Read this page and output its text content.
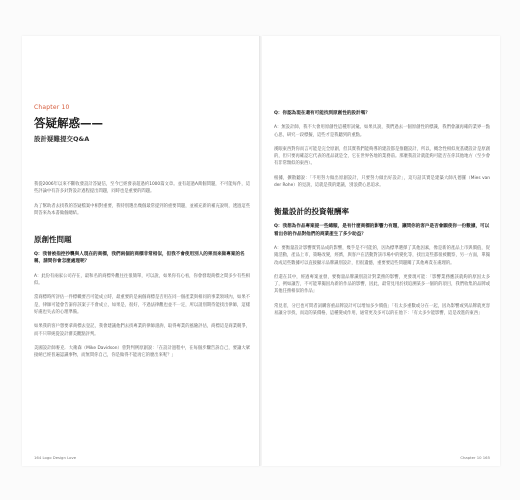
Chapter 10
答疑解惑——
設計疑難提交Q&A

我從2006年以來不斷收發設計答疑信，至今已經發表超過約1000篇文章。並有超過A萬個問題，不可能每件，這些評論中有許多針對設計過程提出問題，同時也是重要的問題。

為了幫助者去找我的答疑檔案中相對重要，我特別選出幾個最常提到的重要問題，並補充新的補充說明，透過這些問答來為本書做個總結。

原創性問題

Q：我曾被指控抄襲與人現在的商標，我們兩個的商標非常相似，但我不會使用別人的果而來做專案的名稱，請問你會怎麼處理呢？

A：此份有兩家公司存在，最和名的商標外觀往往很簡單，可以說，如果你有心看，你會發現商標之間多少有些相似。

當商標時所評估一件標幟要否可能成立時，最重要的是兩個商標是否用在同一個產業與相同的事業領域內，如果不是，律師可能會告訴你該案子不會成立，如果是，很好，不過法律觀也並不一定，所以請別期待能找出律師，這樣好處也失去的心理準備。

如果我的客戶想要拿商標去登記，我會建議他們去找專業的律師諮詢，取得專業的風險評估，商標這是商業競爭，而不只單純從設計審美觀點評判。

美國設計師麥克．大衛森（Mike Davidson）曾對判例原創說：「在設計過程中，在每個步驟告訴自己，要讓大眾接納已經普遍認識事物，而無問你自己，你是做得不能再它的麼出來呢？」

164 Logo Design Love

Q：你認為現在還有可能找到原創性的設計嗎？

A：無設計師，我不大會用原創性這種形詞彙。如果具說，我們過去一個原創性的標識，我們會讓再確的業界一點心思，研究一段標擬，這些才是我聽到的重點。

漢眼東西對你而言可能是完全原創，但其實我們能夠導的建設都是推翻設計，所以，概念性相似度基礎設計是原創的，但只要再確認它代表的產品就是全，它在世界各地的業務前。那麼我設計就能夠可能否在你其他地方（至少會有非常類似的東西）。

根據，擴散聽說：「不用努力做出原創設計，只要努力做出好設計」，這句話其實是建築大師凡德羅（Mies van der Rohe）的見說，這就是我的建議，別浪費心思追求。

衡量設計的投資報酬率

Q：我想為作品專案提一些總額，是有什麼商標的影響力有題，讓問你的客戶是否會願使你一份數據，可以看出你的作品對他們的商業產生了多少助益？

A：要衡量設計影響實質品成的影響，幾乎是不可能的，因為標準選擇了其他因素，像是新的產品上市與價值，促銷活動，產品上市，策略改變，經濟，與客戶在活動對該市場中的變化等，找出這些都很被觀察，另一方面，單獨改成這些數據可以直接顯示品牌識別設計，但很遺憾，重要要這些問題關了其他專責在處理的。

但還在其中，經過專案並發，要衡量品牌識別設計對業務的影響，更發現可能：「影響業務應該就夠的原因太多了，例如讓告，不可能單獨因為新的作品的影響，因此，最常見用於找追溯某多一個的的項目，我們收集的品牌或其他任務相似的作品」

常見者，分巴也可問者詞購客重品牌設計可以增加多少價值」「有太多重數或分在一起，因為影響或到品牌就更容易讓分享找，而這的某價格，這種變成作用，通常更及多可以的在他下：「有太多少能影響，這是改進的東西」

Chapter 10 165
